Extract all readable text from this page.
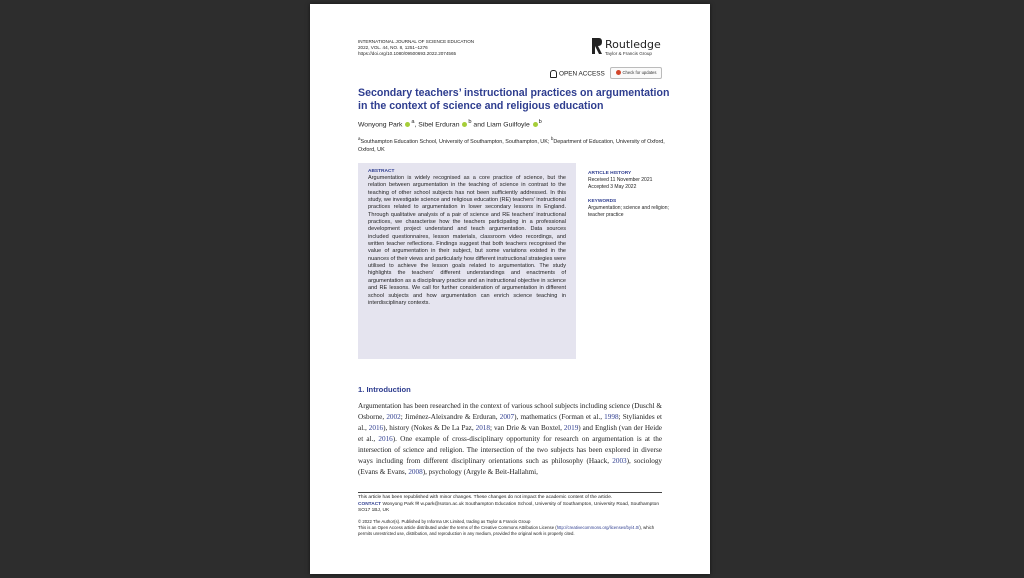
INTERNATIONAL JOURNAL OF SCIENCE EDUCATION
2022, VOL. 44, NO. 8, 1251–1276
https://doi.org/10.1080/09500693.2022.2074565
Routledge
Taylor & Francis Group
OPEN ACCESS	Check for updates
Secondary teachers’ instructional practices on argumentation in the context of science and religious education
Wonyong Park $^a$, Sibel Erduran $^b$ and Liam Guilfoyle $^b$
$^a$Southampton Education School, University of Southampton, Southampton, UK; $^b$Department of Education, University of Oxford, Oxford, UK
ABSTRACT

Argumentation is widely recognised as a core practice of science, but the relation between argumentation in the teaching of science in contrast to the teaching of other school subjects has not been sufficiently addressed. In this study, we investigate science and religious education (RE) teachers’ instructional practices related to argumentation in lower secondary lessons in England. Through qualitative analysis of a pair of science and RE teachers’ instructional practices, we characterise how the teachers participating in a professional development project understand and teach argumentation. Data sources included questionnaires, lesson materials, classroom video recordings, and written teacher reflections. Findings suggest that both teachers recognised the value of argumentation in their subject, but some variations existed in the nuances of their views and particularly how different instructional strategies were utilised to achieve the lesson goals related to argumentation. The study highlights the teachers’ different understandings and enactments of argumentation as a disciplinary practice and an instructional objective in science and RE lessons. We call for further consideration of argumentation in different school subjects and how argumentation can enrich science teaching in interdisciplinary contexts.

ARTICLE HISTORY
Received 11 November 2021
Accepted 3 May 2022
KEYWORDS
Argumentation; science and religion; teacher practice
1. Introduction
Argumentation has been researched in the context of various school subjects including science (Duschl & Osborne, 2002; Jiménez-Aleixandre & Erduran, 2007), mathematics (Forman et al., 1998; Stylianides et al., 2016), history (Nokes & De La Paz, 2018; van Drie & van Boxtel, 2019) and English (van der Heide et al., 2016). One example of cross-disciplinary opportunity for research on argumentation is at the intersection of science and religion. The intersection of the two subjects has been explored in diverse ways including from different disciplinary orientations such as philosophy (Haack, 2003), sociology (Evans & Evans, 2008), psychology (Argyle & Beit-Hallahmi,
This article has been republished with minor changes. These changes do not impact the academic content of the article.
CONTACT Wonyong Park ✉ w.park@soton.ac.uk Southampton Education School, University of Southampton, University Road, Southampton SO17 1BJ, UK
© 2022 The Author(s). Published by Informa UK Limited, trading as Taylor & Francis Group
This is an Open Access article distributed under the terms of the Creative Commons Attribution License (http://creativecommons.org/licenses/by/4.0/), which permits unrestricted use, distribution, and reproduction in any medium, provided the original work is properly cited.
